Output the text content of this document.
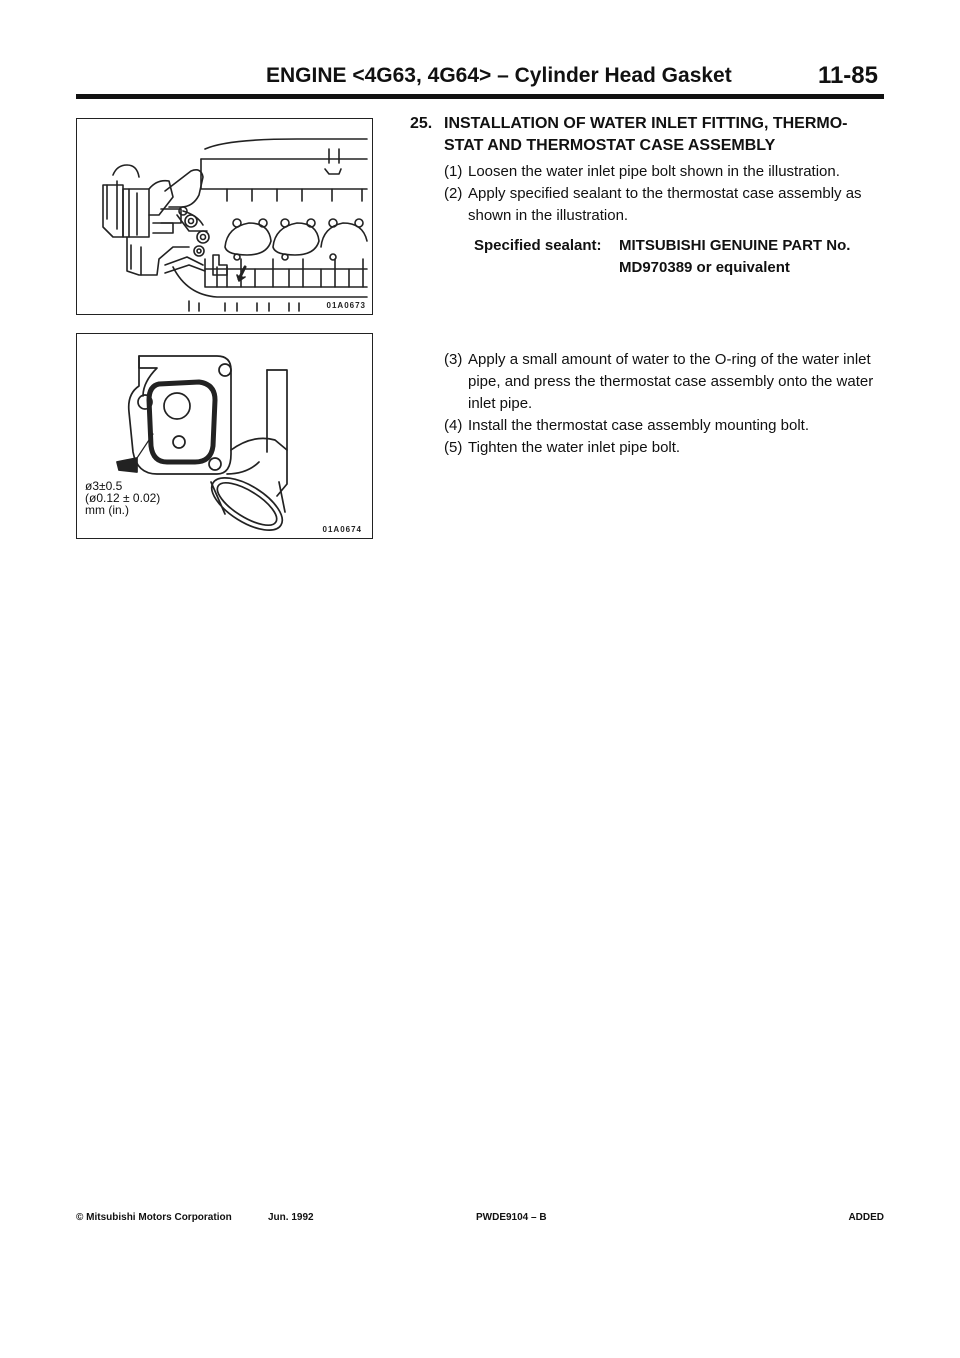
ENGINE <4G63, 4G64> – Cylinder Head Gasket	11-85
01A0673
ø3±0.5
(ø0.12 ± 0.02)
mm (in.)
01A0674
25. INSTALLATION OF WATER INLET FITTING, THERMO-
STAT AND THERMOSTAT CASE ASSEMBLY
(1) Loosen the water inlet pipe bolt shown in the illustration.
(2) Apply specified sealant to the thermostat case assembly as shown in the illustration.
Specified sealant: MITSUBISHI GENUINE PART No.
MD970389 or equivalent
(3) Apply a small amount of water to the O-ring of the water inlet pipe, and press the thermostat case assembly onto the water inlet pipe.
(4) Install the thermostat case assembly mounting bolt.
(5) Tighten the water inlet pipe bolt.
© Mitsubishi Motors Corporation	Jun. 1992	PWDE9104 – B	ADDED
